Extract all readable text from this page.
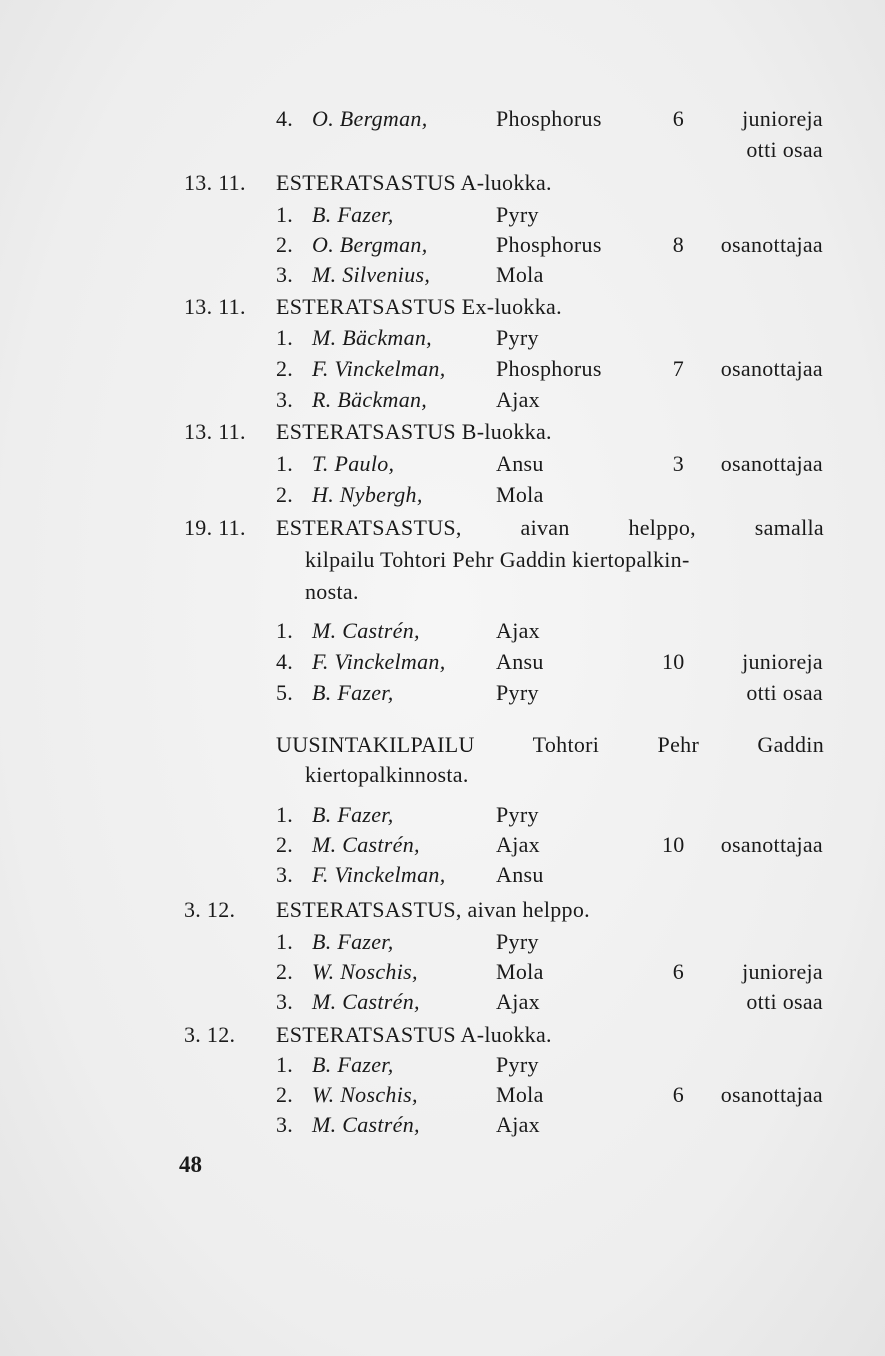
4. O. Bergman,	Phosphorus	6	junioreja
otti osaa
13. 11.	ESTERATSASTUS A-luokka.
1. B. Fazer,	Pyry
2. O. Bergman,	Phosphorus	8 osanottajaa
3. M. Silvenius,	Mola
13. 11.	ESTERATSASTUS Ex-luokka.
1. M. Bäckman,	Pyry
2. F. Vinckelman, Phosphorus	7 osanottajaa
3. R. Bäckman,	Ajax
13. 11.	ESTERATSASTUS B-luokka.
1. T. Paulo,	Ansu	3 osanottajaa
2. H. Nybergh,	Mola
19. 11.	ESTERATSASTUS, aivan helppo, samalla
kilpailu Tohtori Pehr Gaddin kiertopalkin-
nosta.
1. M. Castrén,	Ajax
4. F. Vinckelman, Ansu	10	junioreja
5. B. Fazer,	Pyry	otti osaa
UUSINTAKILPAILU Tohtori Pehr Gaddin
kiertopalkinnosta.
1. B. Fazer,	Pyry
2. M. Castrén,	Ajax	10 osanottajaa
3. F. Vinckelman, Ansu
3. 12.	ESTERATSASTUS, aivan helppo.
1. B. Fazer,	Pyry
2. W. Noschis,	Mola	6	junioreja
3. M. Castrén,	Ajax	otti osaa
3. 12.	ESTERATSASTUS A-luokka.
1. B. Fazer,	Pyry
2. W. Noschis,	Mola	6 osanottajaa
3. M. Castrén,	Ajax
48
